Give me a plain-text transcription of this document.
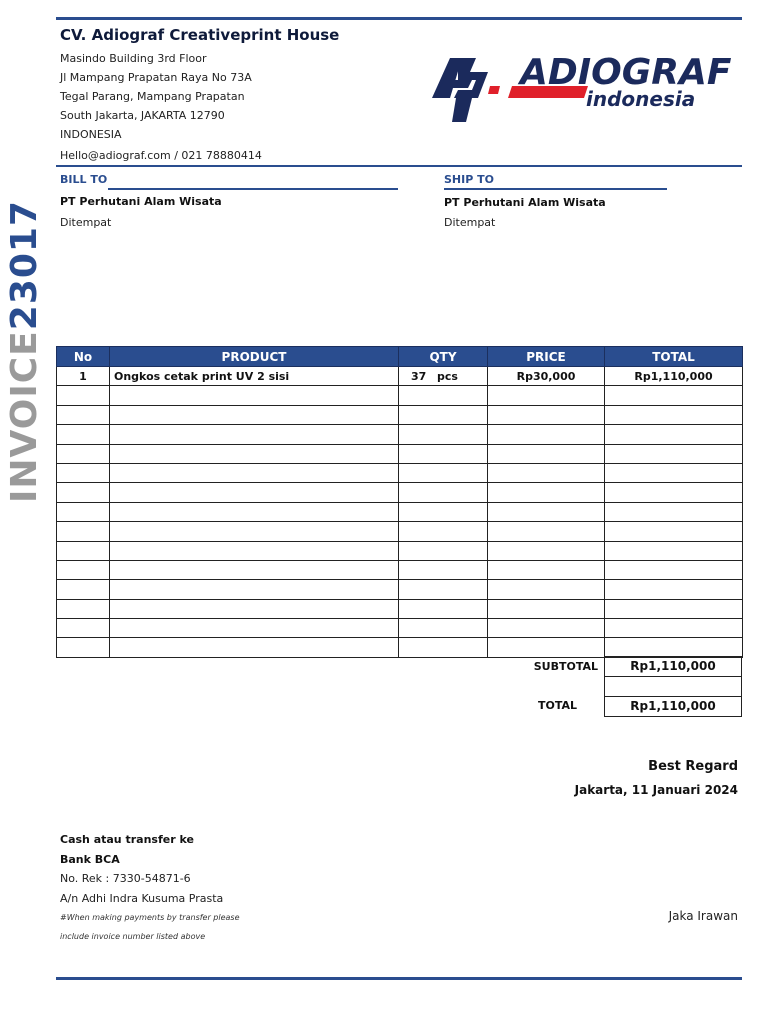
CV. Adiograf Creativeprint House
Masindo Building 3rd Floor
Jl Mampang Prapatan Raya No 73A
Tegal Parang, Mampang Prapatan
South Jakarta, JAKARTA 12790
INDONESIA
Hello@adiograf.com / 021 78880414
ADIOGRAF
indonesia
BILL TO
PT Perhutani Alam Wisata
Ditempat
SHIP TO
PT Perhutani Alam Wisata
Ditempat
INVOICE23017
No	PRODUCT	QTY	PRICE	TOTAL
1	Ongkos cetak print UV 2 sisi	37 pcs	Rp30,000	Rp1,110,000

SUBTOTAL	Rp1,110,000
TOTAL	Rp1,110,000
Best Regard
Jakarta, 11 Januari 2024
Jaka Irawan
Cash atau transfer ke
Bank BCA
No. Rek : 7330-54871-6
A/n Adhi Indra Kusuma Prasta
#When making payments by transfer please
include invoice number listed above
